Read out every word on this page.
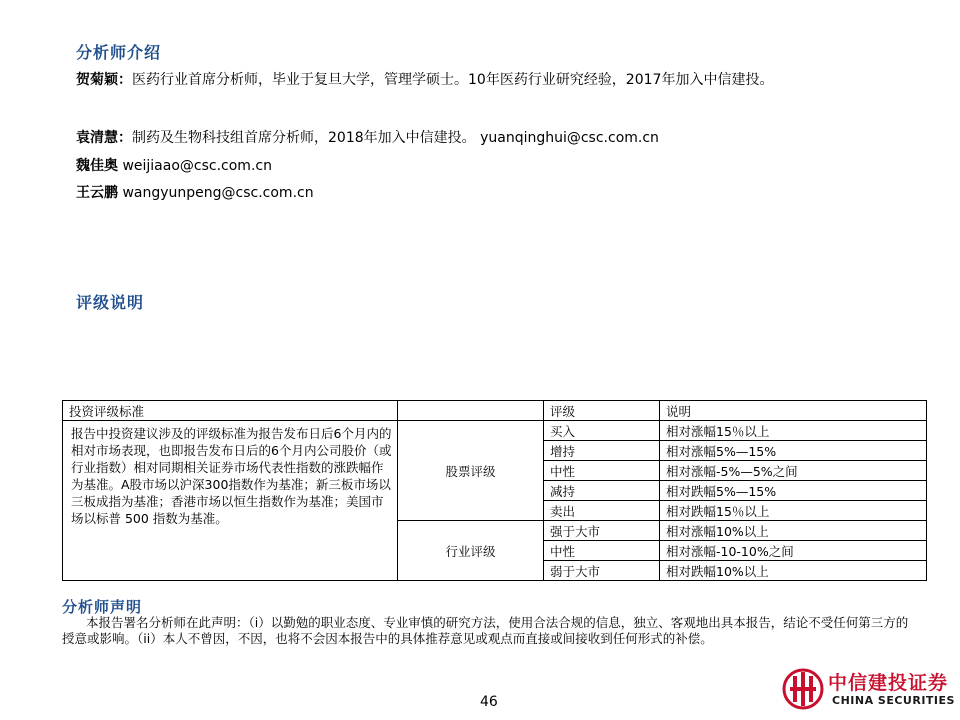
分析师介绍
贺菊颖：医药行业首席分析师，毕业于复旦大学，管理学硕士。10年医药行业研究经验，2017年加入中信建投。
袁清慧：制药及生物科技组首席分析师，2018年加入中信建投。 yuanqinghui@csc.com.cn
魏佳奥 weijiaao@csc.com.cn
王云鹏 wangyunpeng@csc.com.cn
评级说明
投资评级标准		评级	说明
报告中投资建议涉及的评级标准为报告发布日后6个月内的相对市场表现，也即报告发布日后的6个月内公司股价（或行业指数）相对同期相关证券市场代表性指数的涨跌幅作为基准。A股市场以沪深300指数作为基准；新三板市场以三板成指为基准；香港市场以恒生指数作为基准；美国市场以标普 500 指数为基准。	股票评级	买入	相对涨幅15％以上
		增持	相对涨幅5%—15%
		中性	相对涨幅-5%—5%之间
		减持	相对跌幅5%—15%
		卖出	相对跌幅15％以上
	行业评级	强于大市	相对涨幅10%以上
		中性	相对涨幅-10-10%之间
		弱于大市	相对跌幅10%以上
分析师声明
本报告署名分析师在此声明：（i）以勤勉的职业态度、专业审慎的研究方法，使用合法合规的信息，独立、客观地出具本报告，结论不受任何第三方的授意或影响。（ii）本人不曾因，不因，也将不会因本报告中的具体推荐意见或观点而直接或间接收到任何形式的补偿。
46
中信建投证券
CHINA SECURITIES
